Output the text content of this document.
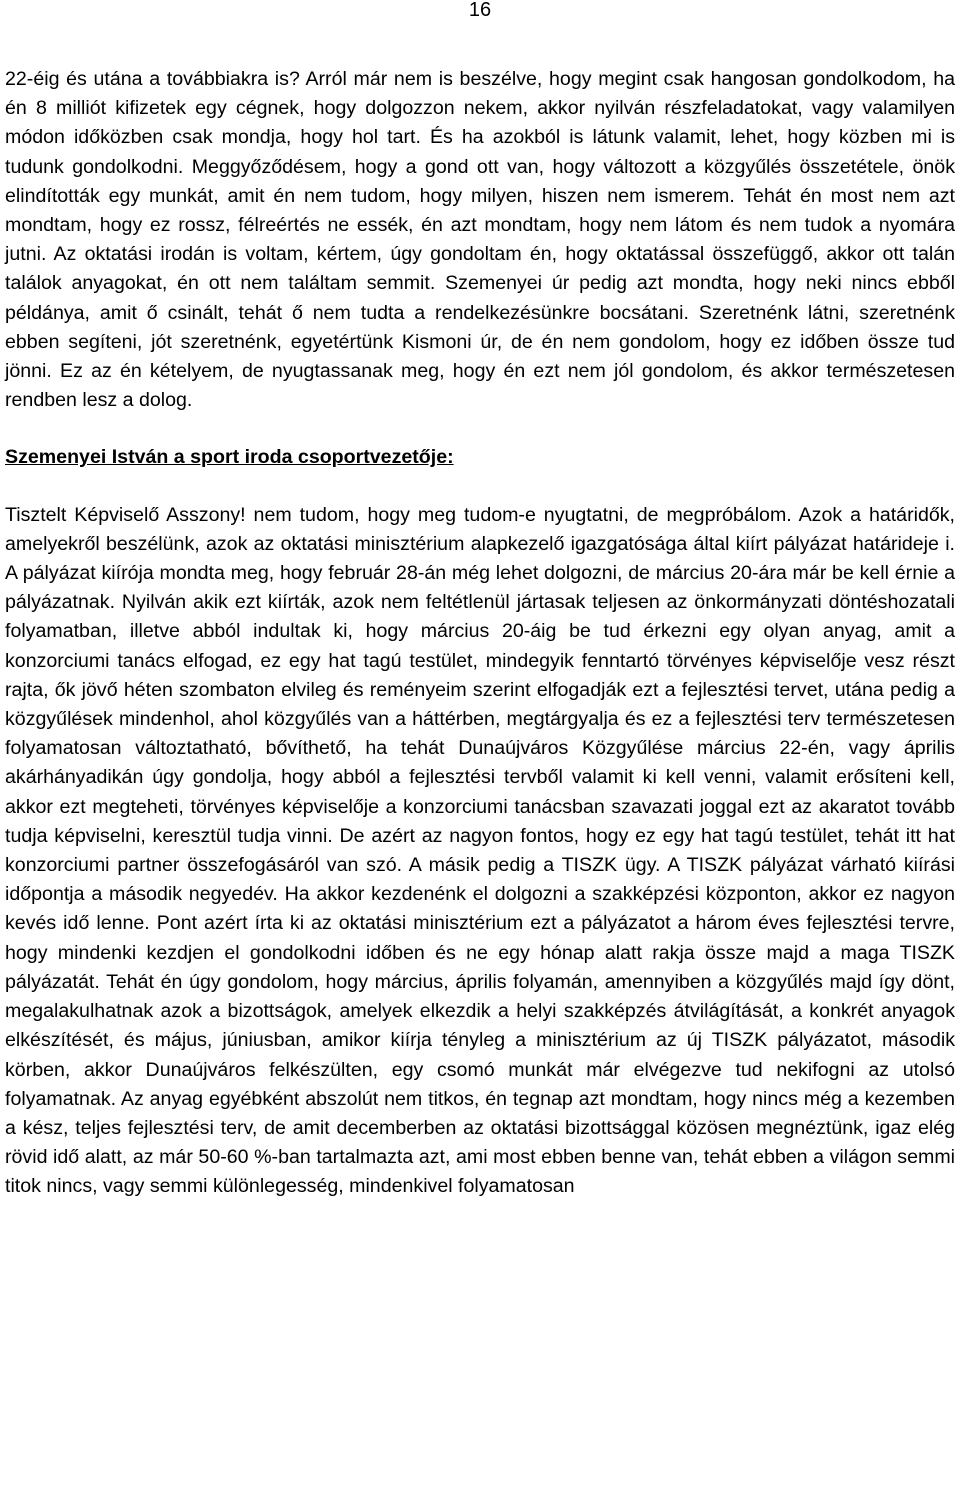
16

22-éig és utána a továbbiakra is? Arról már nem is beszélve, hogy megint csak hangosan gondolkodom, ha én 8 milliót kifizetek egy cégnek, hogy dolgozzon nekem, akkor nyilván részfeladatokat, vagy valamilyen módon időközben csak mondja, hogy hol tart. És ha azokból is látunk valamit, lehet, hogy közben mi is tudunk gondolkodni. Meggyőződésem, hogy a gond ott van, hogy változott a közgyűlés összetétele, önök elindították egy munkát, amit én nem tudom, hogy milyen, hiszen nem ismerem. Tehát én most nem azt mondtam, hogy ez rossz, félreértés ne essék, én azt mondtam, hogy nem látom és nem tudok a nyomára jutni. Az oktatási irodán is voltam, kértem, úgy gondoltam én, hogy oktatással összefüggő, akkor ott talán találok anyagokat, én ott nem találtam semmit. Szemenyei úr pedig azt mondta, hogy neki nincs ebből példánya, amit ő csinált, tehát ő nem tudta a rendelkezésünkre bocsátani. Szeretnénk látni, szeretnénk ebben segíteni, jót szeretnénk, egyetértünk Kismoni úr, de én nem gondolom, hogy ez időben össze tud jönni. Ez az én kételyem, de nyugtassanak meg, hogy én ezt nem jól gondolom, és akkor természetesen rendben lesz a dolog.

Szemenyei István a sport iroda csoportvezetője:

Tisztelt Képviselő Asszony! nem tudom, hogy meg tudom-e nyugtatni, de megpróbálom. Azok a határidők, amelyekről beszélünk, azok az oktatási minisztérium alapkezelő igazgatósága által kiírt pályázat határideje i. A pályázat kiírója mondta meg, hogy február 28-án még lehet dolgozni, de március 20-ára már be kell érnie a pályázatnak. Nyilván akik ezt kiírták, azok nem feltétlenül jártasak teljesen az önkormányzati döntéshozatali folyamatban, illetve abból indultak ki, hogy március 20-áig be tud érkezni egy olyan anyag, amit a konzorciumi tanács elfogad, ez egy hat tagú testület, mindegyik fenntartó törvényes képviselője vesz részt rajta, ők jövő héten szombaton elvileg és reményeim szerint elfogadják ezt a fejlesztési tervet, utána pedig a közgyűlések mindenhol, ahol közgyűlés van a háttérben, megtárgyalja és ez a fejlesztési terv természetesen folyamatosan változtatható, bővíthető, ha tehát Dunaújváros Közgyűlése március 22-én, vagy április akárhányadikán úgy gondolja, hogy abból a fejlesztési tervből valamit ki kell venni, valamit erősíteni kell, akkor ezt megteheti, törvényes képviselője a konzorciumi tanácsban szavazati joggal ezt az akaratot tovább tudja képviselni, keresztül tudja vinni. De azért az nagyon fontos, hogy ez egy hat tagú testület, tehát itt hat konzorciumi partner összefogásáról van szó. A másik pedig a TISZK ügy. A TISZK pályázat várható kiírási időpontja a második negyedév. Ha akkor kezdenénk el dolgozni a szakképzési központon, akkor ez nagyon kevés idő lenne. Pont azért írta ki az oktatási minisztérium ezt a pályázatot a három éves fejlesztési tervre, hogy mindenki kezdjen el gondolkodni időben és ne egy hónap alatt rakja össze majd a maga TISZK pályázatát. Tehát én úgy gondolom, hogy március, április folyamán, amennyiben a közgyűlés majd így dönt, megalakulhatnak azok a bizottságok, amelyek elkezdik a helyi szakképzés átvilágítását, a konkrét anyagok elkészítését, és május, júniusban, amikor kiírja tényleg a minisztérium az új TISZK pályázatot, második körben, akkor Dunaújváros felkészülten, egy csomó munkát már elvégezve tud nekifogni az utolsó folyamatnak. Az anyag egyébként abszolút nem titkos, én tegnap azt mondtam, hogy nincs még a kezemben a kész, teljes fejlesztési terv, de amit decemberben az oktatási bizottsággal közösen megnéztünk, igaz elég rövid idő alatt, az már 50-60 %-ban tartalmazta azt, ami most ebben benne van, tehát ebben a világon semmi titok nincs, vagy semmi különlegesség, mindenkivel folyamatosan
